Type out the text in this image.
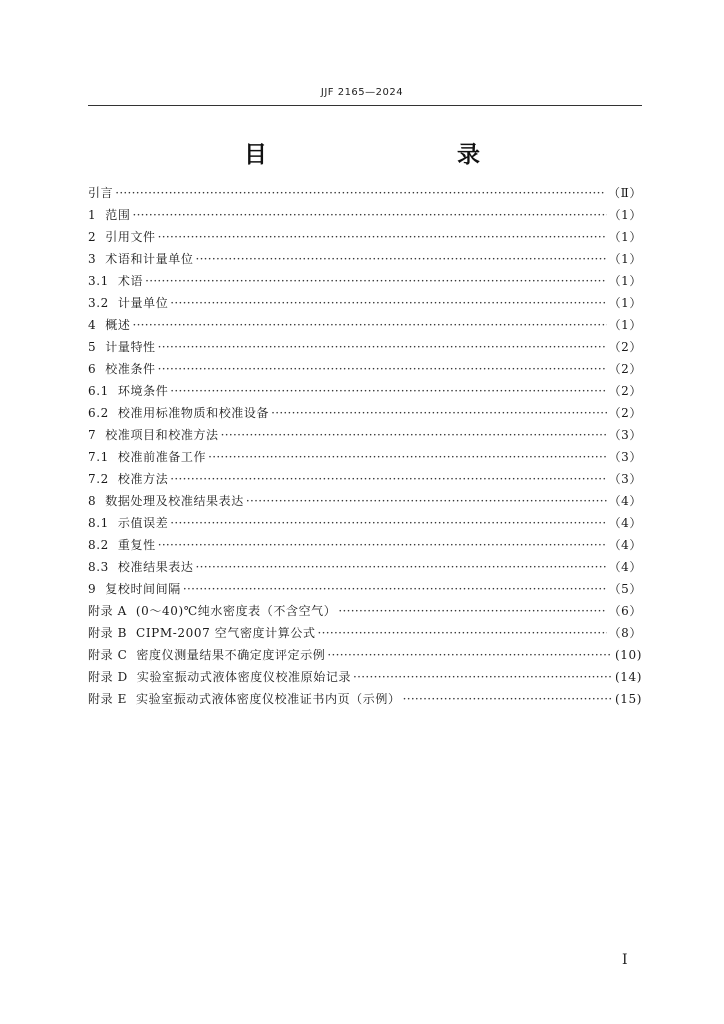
JJF 2165—2024
目　　录
引言 ·····	（Ⅱ）
1 范围 ·····	（1）
2 引用文件 ·····	（1）
3 术语和计量单位 ·····	（1）
3.1 术语 ·····	（1）
3.2 计量单位 ·····	（1）
4 概述 ·····	（1）
5 计量特性 ·····	（2）
6 校准条件 ·····	（2）
6.1 环境条件 ·····	（2）
6.2 校准用标准物质和校准设备 ·····	（2）
7 校准项目和校准方法 ·····	（3）
7.1 校准前准备工作 ·····	（3）
7.2 校准方法 ·····	（3）
8 数据处理及校准结果表达 ·····	（4）
8.1 示值误差 ·····	（4）
8.2 重复性 ·····	（4）
8.3 校准结果表达 ·····	（4）
9 复校时间间隔 ·····	（5）
附录 A (0～40)℃纯水密度表（不含空气） ·····	（6）
附录 B CIPM-2007 空气密度计算公式 ·····	（8）
附录 C 密度仪测量结果不确定度评定示例 ·····	(10)
附录 D 实验室振动式液体密度仪校准原始记录 ·····	(14)
附录 E 实验室振动式液体密度仪校准证书内页（示例） ·····	(15)
I
